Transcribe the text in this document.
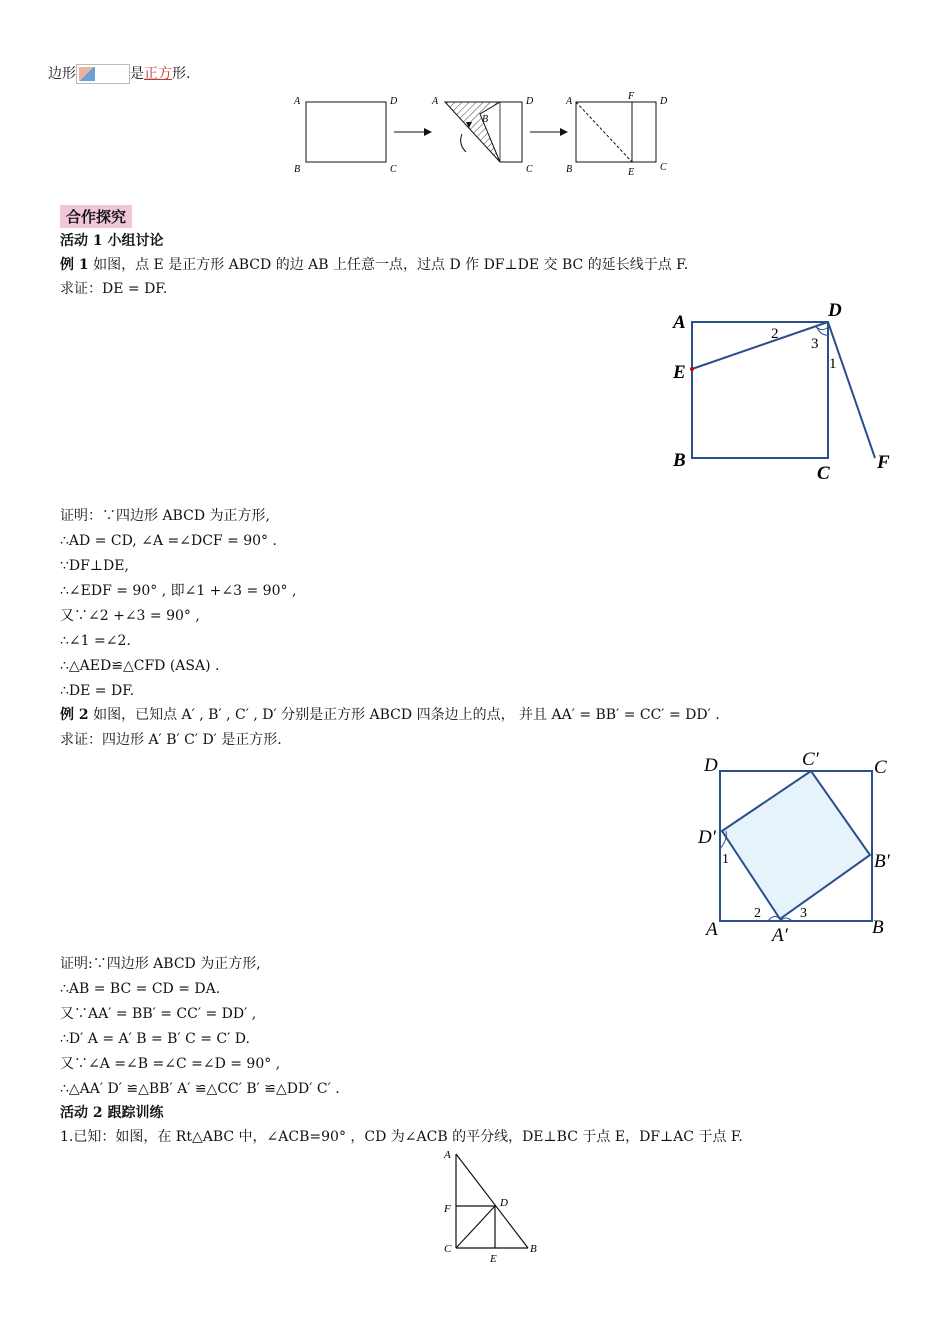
边形	是正方形.
A	D
B	C
A	D
B
C
A	F	D
B	E	C
合作探究
活动 1 小组讨论
例 1 如图，点 E 是正方形 ABCD 的边 AB 上任意一点，过点 D 作 DF⊥DE 交 BC 的延长线于点 F.
求证：DE = DF.
A
D
E
B
C
F
2
3
1
证明：∵四边形 ABCD 为正方形,
∴AD = CD, ∠A =∠DCF = 90° .
∵DF⊥DE,
∴∠EDF = 90° , 即∠1 +∠3 = 90° ,
又∵∠2 +∠3 = 90° ,
∴∠1 =∠2.
∴△AED≌△CFD (ASA) .
∴DE = DF.
例 2 如图，已知点 A′ , B′ , C′ , D′ 分别是正方形 ABCD 四条边上的点， 并且 AA′ = BB′ = CC′ = DD′ .
求证：四边形 A′ B′ C′ D′ 是正方形.
D	C′	C
D′
B′
1
2	3
A	A′	B
证明:∵四边形 ABCD 为正方形,
∴AB = BC = CD = DA.
又∵AA′ = BB′ = CC′ = DD′ ,
∴D′ A = A′ B = B′ C = C′ D.
又∵∠A =∠B =∠C =∠D = 90° ,
∴△AA′ D′ ≌△BB′ A′ ≌△CC′ B′ ≌△DD′ C′ .
活动 2 跟踪训练
1.已知：如图，在 Rt△ABC 中，∠ACB=90° ，CD 为∠ACB 的平分线，DE⊥BC 于点 E，DF⊥AC 于点 F.
A
F	D
C
E
B
